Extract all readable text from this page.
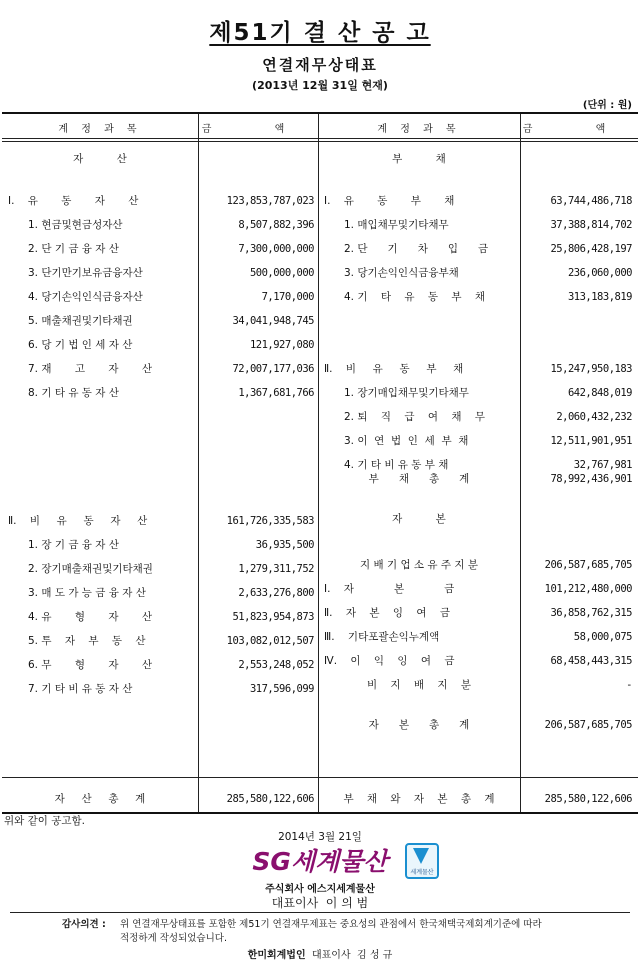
제51기 결 산 공 고
연결재무상태표
(2013년 12월 31일 현재)
(단위 : 원)
계 정 과 목	금 액	계 정 과 목	금 액
자          산
Ⅰ.    유       동       자       산	123,853,787,023
1. 현금및현금성자산	8,507,882,396
2. 단 기 금 융 자 산	7,300,000,000
3. 단기만기보유금융자산	500,000,000
4. 당기손익인식금융자산	7,170,000
5. 매출채권및기타채권	34,041,948,745
6. 당 기 법 인 세 자 산	121,927,080
7. 재       고       자       산	72,007,177,036
8. 기 타 유 동 자 산	1,367,681,766
Ⅱ.    비     유     동     자     산	161,726,335,583
1. 장 기 금 융 자 산	36,935,500
2. 장기매출채권및기타채권	1,279,311,752
3. 매 도 가 능 금 융 자 산	2,633,276,800
4. 유       형       자       산	51,823,954,873
5. 투    자    부    동    산	103,082,012,507
6. 무       형       자       산	2,553,248,052
7. 기 타 비 유 동 자 산	317,596,099
자     산     총     계	285,580,122,606
부          채
Ⅰ.    유       동       부       채	63,744,486,718
1. 매입채무및기타채무	37,388,814,702
2. 단      기      차      입      금	25,806,428,197
3. 당기손익인식금융부채	236,060,000
4. 기    타    유    동    부    채	313,183,819
Ⅱ.    비     유     동     부     채	15,247,950,183
1. 장기매입채무및기타채무	642,848,019
2. 퇴    직    급    여    채    무	2,060,432,232
3. 이  연  법  인  세  부  채	12,511,901,951
4. 기 타 비 유 동 부 채	32,767,981
부      채      총      계	78,992,436,901
자          본
지 배 기 업 소 유 주 지 분	206,587,685,705
Ⅰ.    자            본            금	101,212,480,000
Ⅱ.    자    본    잉    여    금	36,858,762,315
Ⅲ.    기타포괄손익누계액	58,000,075
Ⅳ.    이    익    잉    여    금	68,458,443,315
비    지    배    지    분	-
자      본      총      계	206,587,685,705
부    채    와    자    본    총    계	285,580,122,606
위와 같이 공고함.
2014년 3월 21일
SG세계물산	세계물산
주식회사 에스지세계물산
대표이사  이 의 범
감사의견 : 위 연결재무상태표를 포함한 제51기 연결재무제표는 중요성의 관점에서 한국채택국제회계기준에 따라
적정하게 작성되었습니다.
한미회계법인 대표이사  김 성 규
